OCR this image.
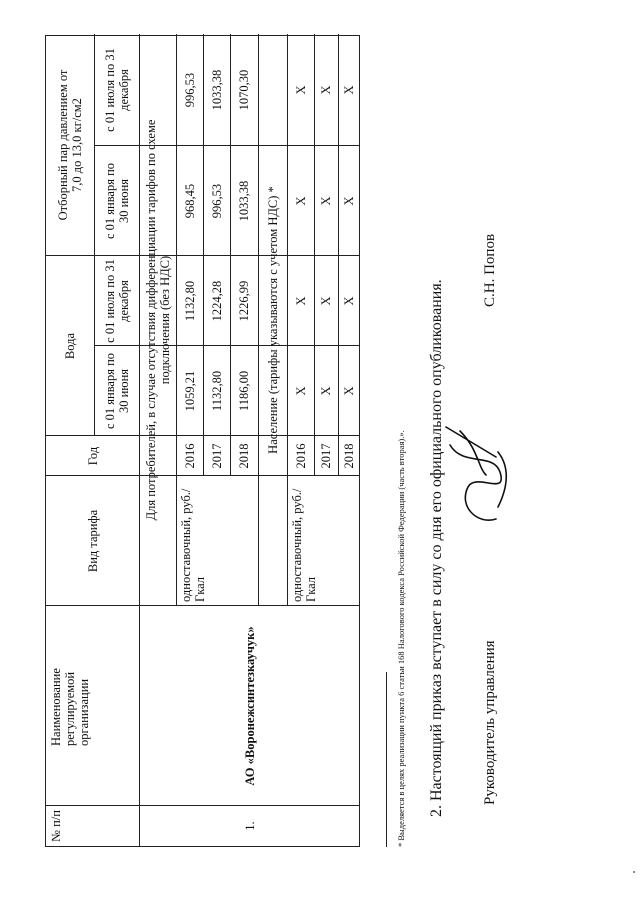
№ п/п
Наименование регулируемой организации
Вид тарифа
Год
Вода
Отборный пар давлением от 7,0 до 13,0 кг/см2
с 01 января по 30 июня
с 01 июля по 31 декабря
с 01 января по 30 июня
с 01 июля по 31 декабря
1.
АО «Воронежсинтезкаучук»
Для потребителей, в случае отсутствия дифференциации тарифов по схеме подключения (без НДС)
одноставочный, руб./Гкал
2016
1059,21
1132,80
968,45
996,53
2017
1132,80
1224,28
996,53
1033,38
2018
1186,00
1226,99
1033,38
1070,30
Население (тарифы указываются с учетом НДС) *
одноставочный, руб./Гкал
2016
Х
Х
Х
Х
2017
Х
Х
Х
Х
2018
Х
Х
Х
Х
* Выделяется в целях реализации пункта 6 статьи 168 Налогового кодекса Российской Федерации (часть вторая).». 2. Настоящий приказ вступает в силу со дня его официального опубликования. Руководитель управления
С.Н. Попов
